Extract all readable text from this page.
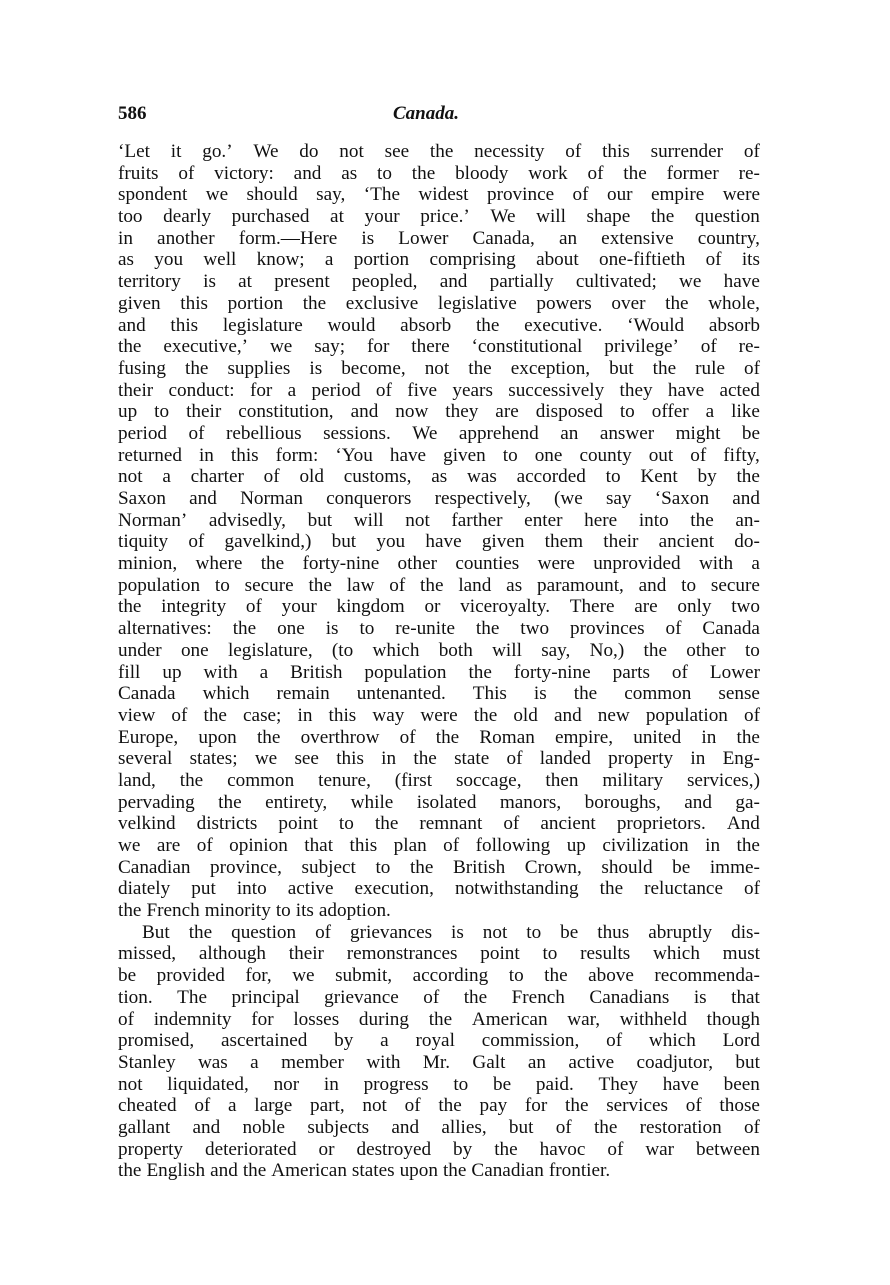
586	Canada.
‘Let it go.’ We do not see the necessity of this surrender of
fruits of victory: and as to the bloody work of the former re-
spondent we should say, ‘The widest province of our empire were
too dearly purchased at your price.’ We will shape the question
in another form.—Here is Lower Canada, an extensive country,
as you well know; a portion comprising about one-fiftieth of its
territory is at present peopled, and partially cultivated; we have
given this portion the exclusive legislative powers over the whole,
and this legislature would absorb the executive. ‘Would absorb
the executive,’ we say; for there ‘constitutional privilege’ of re-
fusing the supplies is become, not the exception, but the rule of
their conduct: for a period of five years successively they have acted
up to their constitution, and now they are disposed to offer a like
period of rebellious sessions. We apprehend an answer might be
returned in this form: ‘You have given to one county out of fifty,
not a charter of old customs, as was accorded to Kent by the
Saxon and Norman conquerors respectively, (we say ‘Saxon and
Norman’ advisedly, but will not farther enter here into the an-
tiquity of gavelkind,) but you have given them their ancient do-
minion, where the forty-nine other counties were unprovided with a
population to secure the law of the land as paramount, and to secure
the integrity of your kingdom or viceroyalty. There are only two
alternatives: the one is to re-unite the two provinces of Canada
under one legislature, (to which both will say, No,) the other to
fill up with a British population the forty-nine parts of Lower
Canada which remain untenanted. This is the common sense
view of the case; in this way were the old and new population of
Europe, upon the overthrow of the Roman empire, united in the
several states; we see this in the state of landed property in Eng-
land, the common tenure, (first soccage, then military services,)
pervading the entirety, while isolated manors, boroughs, and ga-
velkind districts point to the remnant of ancient proprietors. And
we are of opinion that this plan of following up civilization in the
Canadian province, subject to the British Crown, should be imme-
diately put into active execution, notwithstanding the reluctance of
the French minority to its adoption.
But the question of grievances is not to be thus abruptly dis-
missed, although their remonstrances point to results which must
be provided for, we submit, according to the above recommenda-
tion. The principal grievance of the French Canadians is that
of indemnity for losses during the American war, withheld though
promised, ascertained by a royal commission, of which Lord
Stanley was a member with Mr. Galt an active coadjutor, but
not liquidated, nor in progress to be paid. They have been
cheated of a large part, not of the pay for the services of those
gallant and noble subjects and allies, but of the restoration of
property deteriorated or destroyed by the havoc of war between
the English and the American states upon the Canadian frontier.
